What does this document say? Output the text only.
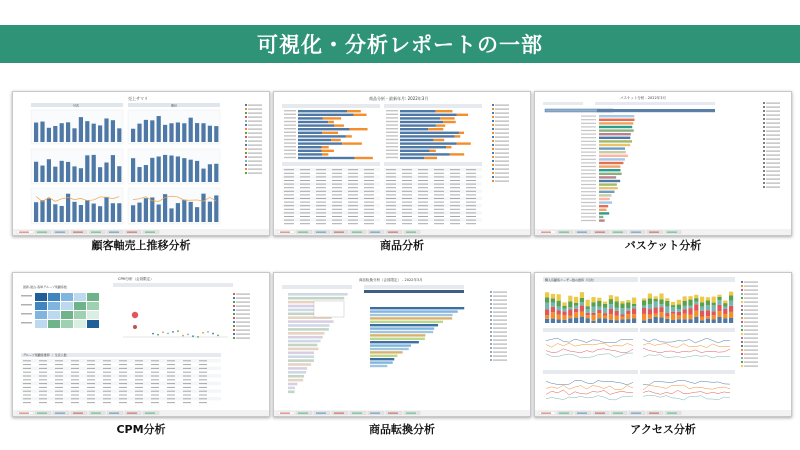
可視化・分析レポートの一部
売上サマリ
月次	累計
顧客軸売上推移分析
商品分析 - 最新年月: 2022年3月
商品分析
バスケット分析 - 2022年3月
バスケット分析
CPM分析（会員限定）
最新-最古-客単グループ別顧客数
グループ別顧客推移 ｜ 全店人数
CPM分析
商品転換分析（会員限定） - 2022年3月
商品転換分析
購入有顧客ユーザー数の推移（月次）
アクセス分析
